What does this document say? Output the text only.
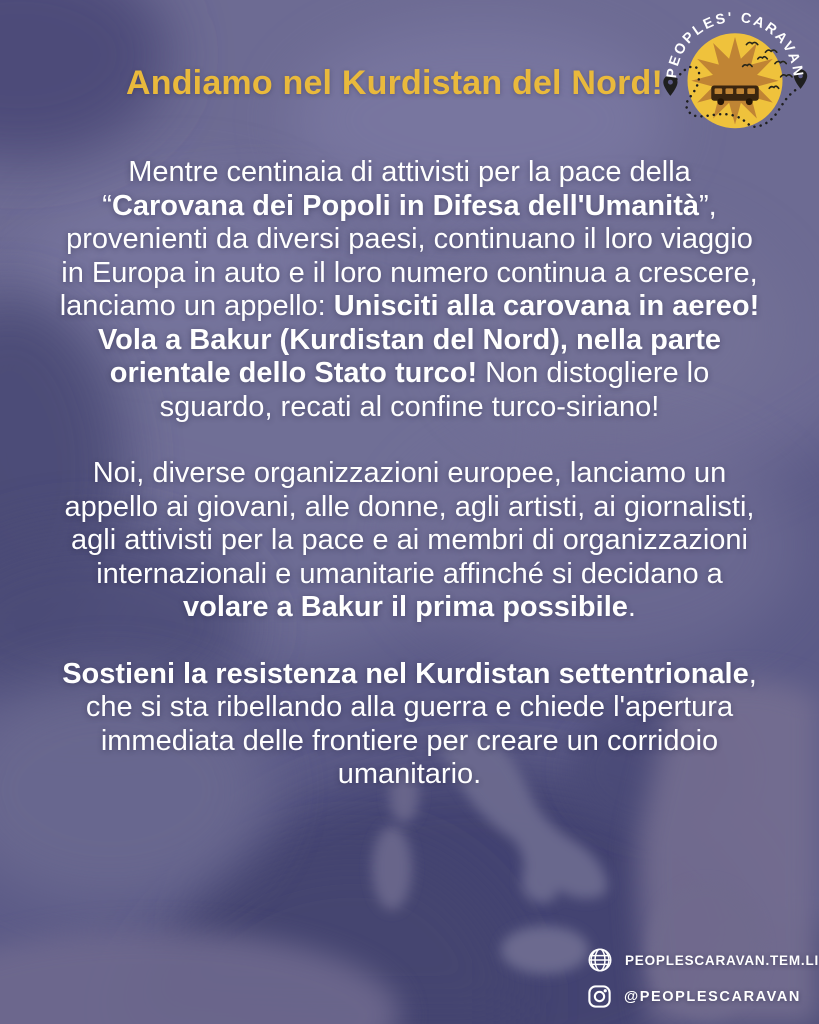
Andiamo nel Kurdistan del Nord! PEOPLES' CARAVAN

Mentre centinaia di attivisti per la pace della “Carovana dei Popoli in Difesa dell'Umanità”, provenienti da diversi paesi, continuano il loro viaggio in Europa in auto e il loro numero continua a crescere, lanciamo un appello: Unisciti alla carovana in aereo! Vola a Bakur (Kurdistan del Nord), nella parte orientale dello Stato turco! Non distogliere lo sguardo, recati al confine turco-siriano!

Noi, diverse organizzazioni europee, lanciamo un appello ai giovani, alle donne, agli artisti, ai giornalisti, agli attivisti per la pace e ai membri di organizzazioni internazionali e umanitarie affinché si decidano a volare a Bakur il prima possibile.

Sostieni la resistenza nel Kurdistan settentrionale, che si sta ribellando alla guerra e chiede l'apertura immediata delle frontiere per creare un corridoio umanitario.

PEOPLESCARAVAN.TEM.LI
@PEOPLESCARAVAN
